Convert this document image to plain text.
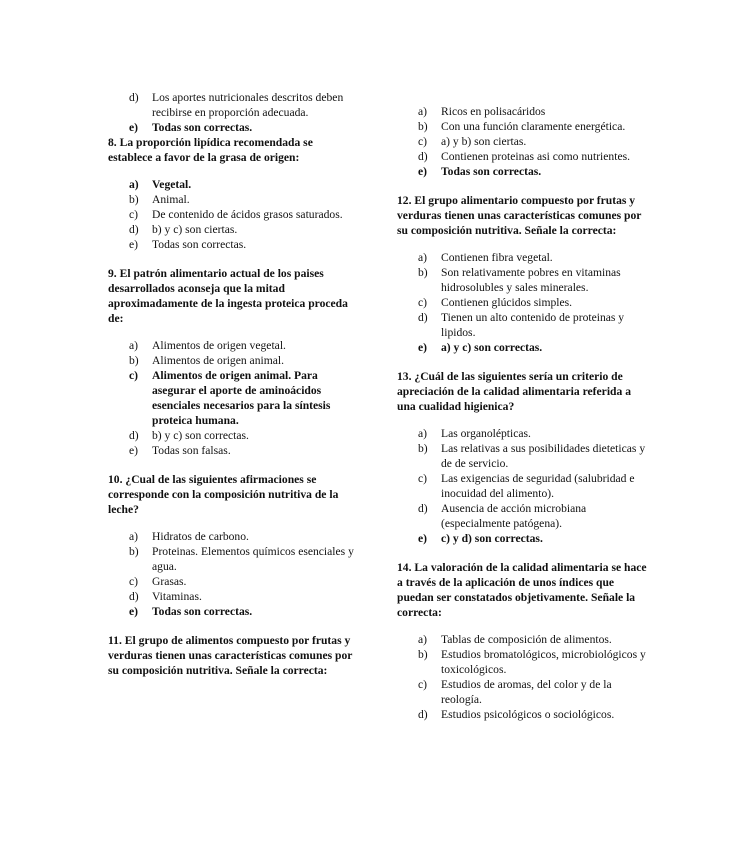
d)	Los aportes nutricionales descritos deben recibirse en proporción adecuada.
e)	Todas son correctas.

8. La proporción lipídica recomendada se establece a favor de la grasa de origen:

a)	Vegetal.
b)	Animal.
c)	De contenido de ácidos grasos saturados.
d)	b) y c) son ciertas.
e)	Todas son correctas.

9. El patrón alimentario actual de los paises desarrollados aconseja que la mitad aproximadamente de la ingesta proteica proceda de:

a)	Alimentos de origen vegetal.
b)	Alimentos de origen animal.
c)	Alimentos de origen animal. Para asegurar el aporte de aminoácidos esenciales necesarios para la síntesis proteica humana.
d)	b) y c) son correctas.
e)	Todas son falsas.

10. ¿Cual de las siguientes afirmaciones se corresponde con la composición nutritiva de la leche?

a)	Hidratos de carbono.
b)	Proteinas. Elementos químicos esenciales y agua.
c)	Grasas.
d)	Vitaminas.
e)	Todas son correctas.

11. El grupo de alimentos compuesto por frutas y verduras tienen unas características comunes por su composición nutritiva. Señale la correcta:

a)	Ricos en polisacáridos
b)	Con una función claramente energética.
c)	a) y b) son ciertas.
d)	Contienen proteinas asi como nutrientes.
e)	Todas son correctas.

12. El grupo alimentario compuesto por frutas y verduras tienen unas características comunes por su composición nutritiva. Señale la correcta:

a)	Contienen fibra vegetal.
b)	Son relativamente pobres en vitaminas hidrosolubles y sales minerales.
c)	Contienen glúcidos simples.
d)	Tienen un alto contenido de proteinas y lipidos.
e)	a) y c) son correctas.

13. ¿Cuál de las siguientes sería un criterio de apreciación de la calidad alimentaria referida a una cualidad higienica?

a)	Las organolépticas.
b)	Las relativas a sus posibilidades dieteticas y de de servicio.
c)	Las exigencias de seguridad (salubridad e inocuidad del alimento).
d)	Ausencia de acción microbiana (especialmente patógena).
e)	c) y d) son correctas.

14. La valoración de la calidad alimentaria se hace a través de la aplicación de unos índices que puedan ser constatados objetivamente. Señale la correcta:

a)	Tablas de composición de alimentos.
b)	Estudios bromatológicos, microbiológicos y toxicológicos.
c)	Estudios de aromas, del color y de la reología.
d)	Estudios psicológicos o sociológicos.
